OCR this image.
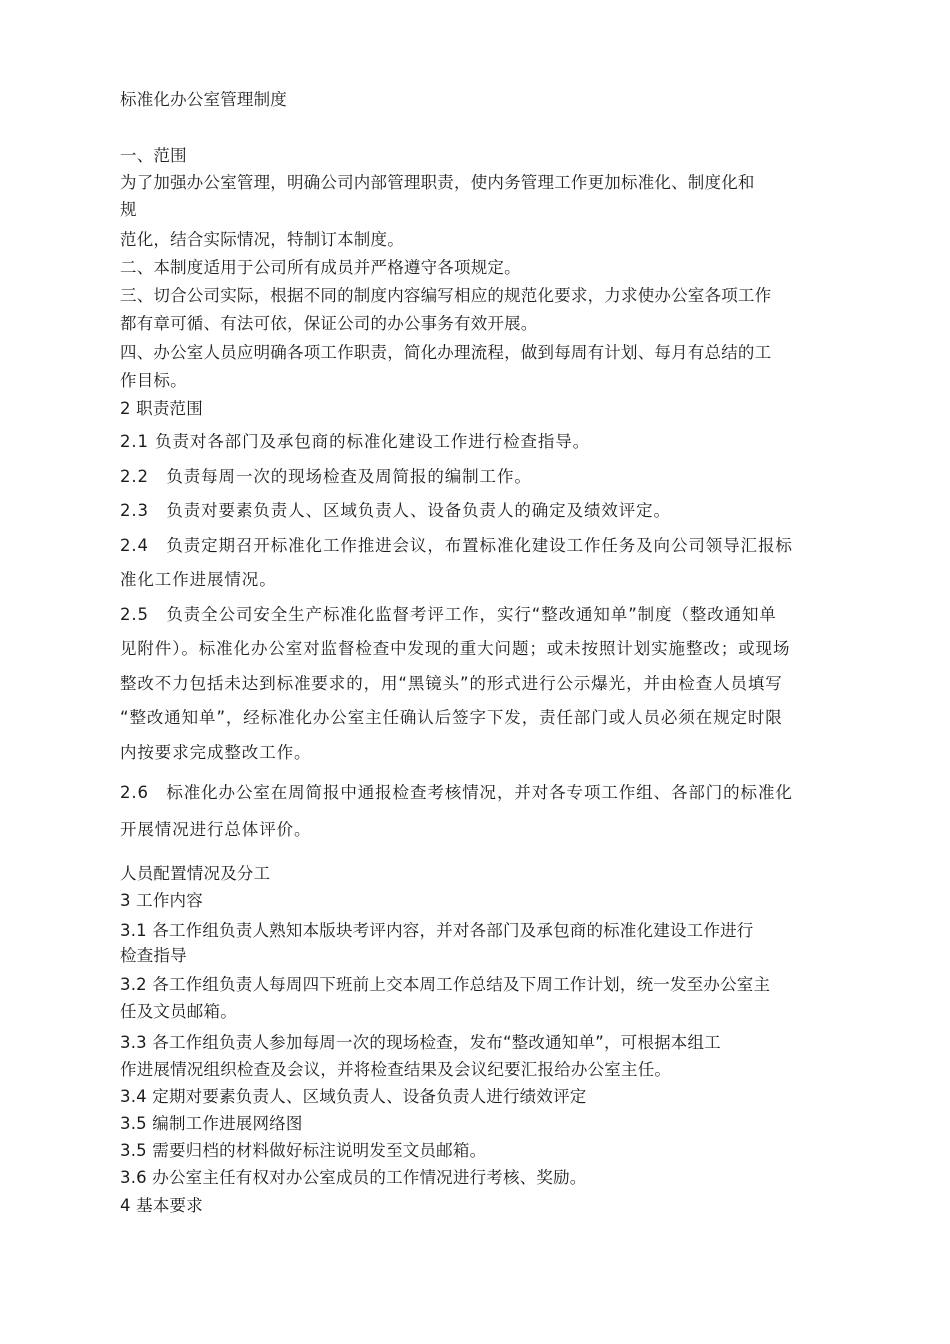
标准化办公室管理制度

一、范围

为了加强办公室管理，明确公司内部管理职责，使内务管理工作更加标准化、制度化和

规

范化，结合实际情况，特制订本制度。

二、本制度适用于公司所有成员并严格遵守各项规定。

三、切合公司实际，根据不同的制度内容编写相应的规范化要求，力求使办公室各项工作

都有章可循、有法可依，保证公司的办公事务有效开展。

四、办公室人员应明确各项工作职责，简化办理流程，做到每周有计划、每月有总结的工

作目标。

2 职责范围

2.1 负责对各部门及承包商的标准化建设工作进行检查指导。

2.2　负责每周一次的现场检查及周简报的编制工作。

2.3　负责对要素负责人、区域负责人、设备负责人的确定及绩效评定。

2.4　负责定期召开标准化工作推进会议，布置标准化建设工作任务及向公司领导汇报标

准化工作进展情况。

2.5　负责全公司安全生产标准化监督考评工作，实行“整改通知单”制度（整改通知单

见附件）。标准化办公室对监督检查中发现的重大问题；或未按照计划实施整改；或现场

整改不力包括未达到标准要求的，用“黑镜头”的形式进行公示爆光，并由检查人员填写

“整改通知单”，经标准化办公室主任确认后签字下发，责任部门或人员必须在规定时限

内按要求完成整改工作。

2.6　标准化办公室在周简报中通报检查考核情况，并对各专项工作组、各部门的标准化

开展情况进行总体评价。

人员配置情况及分工

3 工作内容

3.1 各工作组负责人熟知本版块考评内容，并对各部门及承包商的标准化建设工作进行

检查指导

3.2 各工作组负责人每周四下班前上交本周工作总结及下周工作计划，统一发至办公室主

任及文员邮箱。

3.3 各工作组负责人参加每周一次的现场检查，发布“整改通知单”，可根据本组工

作进展情况组织检查及会议，并将检查结果及会议纪要汇报给办公室主任。

3.4 定期对要素负责人、区域负责人、设备负责人进行绩效评定

3.5 编制工作进展网络图

3.5 需要归档的材料做好标注说明发至文员邮箱。

3.6 办公室主任有权对办公室成员的工作情况进行考核、奖励。

4 基本要求
